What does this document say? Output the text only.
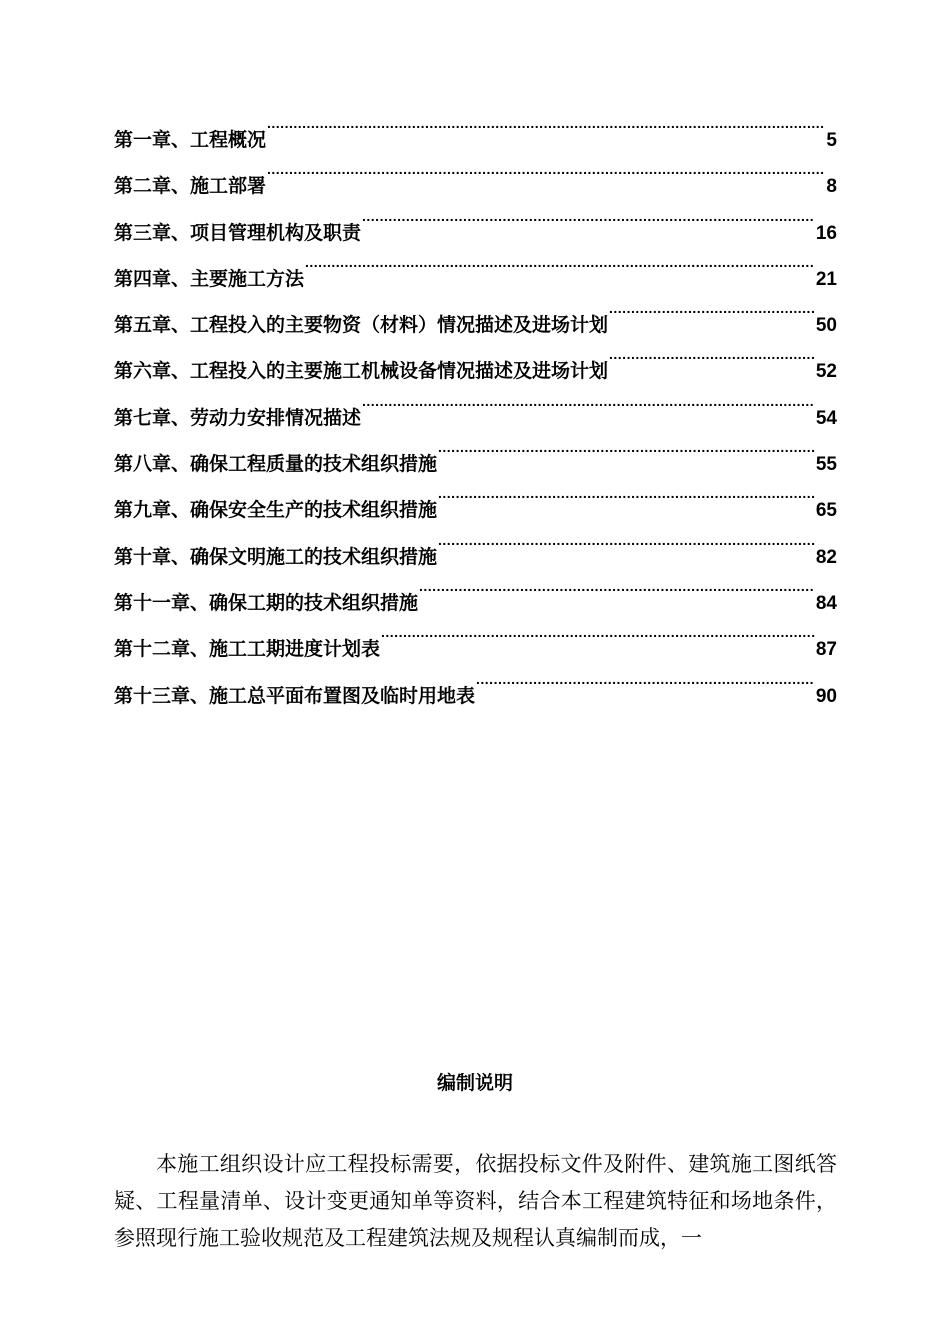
第一章、工程概况 .....	5
第二章、施工部署 .....	8
第三章、项目管理机构及职责 .....	16
第四章、主要施工方法 .....	21
第五章、工程投入的主要物资（材料）情况描述及进场计划 .....	50
第六章、工程投入的主要施工机械设备情况描述及进场计划 .....	52
第七章、劳动力安排情况描述 .....	54
第八章、确保工程质量的技术组织措施 .....	55
第九章、确保安全生产的技术组织措施 .....	65
第十章、确保文明施工的技术组织措施 .....	82
第十一章、确保工期的技术组织措施 .....	84
第十二章、施工工期进度计划表 .....	87
第十三章、施工总平面布置图及临时用地表 .....	90
编制说明

本施工组织设计应工程投标需要，依据投标文件及附件、建筑施工图纸答疑、工程量清单、设计变更通知单等资料，结合本工程建筑特征和场地条件，参照现行施工验收规范及工程建筑法规及规程认真编制而成，一
